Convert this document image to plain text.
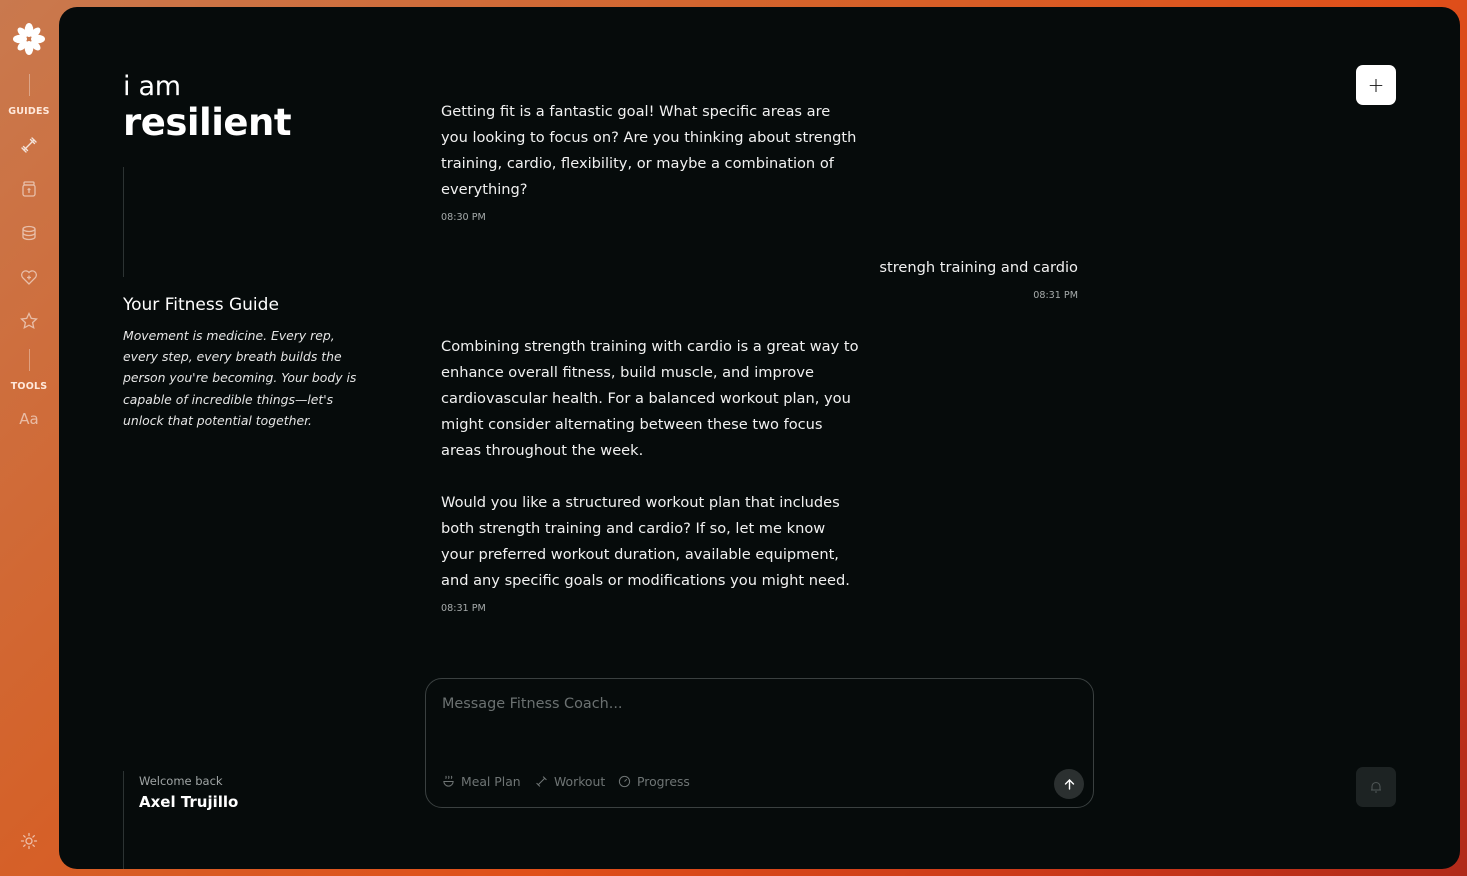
GUIDES
TOOLS
Aa
i am
resilient
Your Fitness Guide
Movement is medicine. Every rep, every step, every breath builds the person you're becoming. Your body is capable of incredible things—let's unlock that potential together.
Welcome back
Axel Trujillo
+
Getting fit is a fantastic goal! What specific areas are you looking to focus on? Are you thinking about strength training, cardio, flexibility, or maybe a combination of everything?
08:30 PM
strengh training and cardio
08:31 PM
Combining strength training with cardio is a great way to enhance overall fitness, build muscle, and improve cardiovascular health. For a balanced workout plan, you might consider alternating between these two focus areas throughout the week.
Would you like a structured workout plan that includes both strength training and cardio? If so, let me know your preferred workout duration, available equipment, and any specific goals or modifications you might need.
08:31 PM
Message Fitness Coach...
Meal Plan	Workout	Progress
